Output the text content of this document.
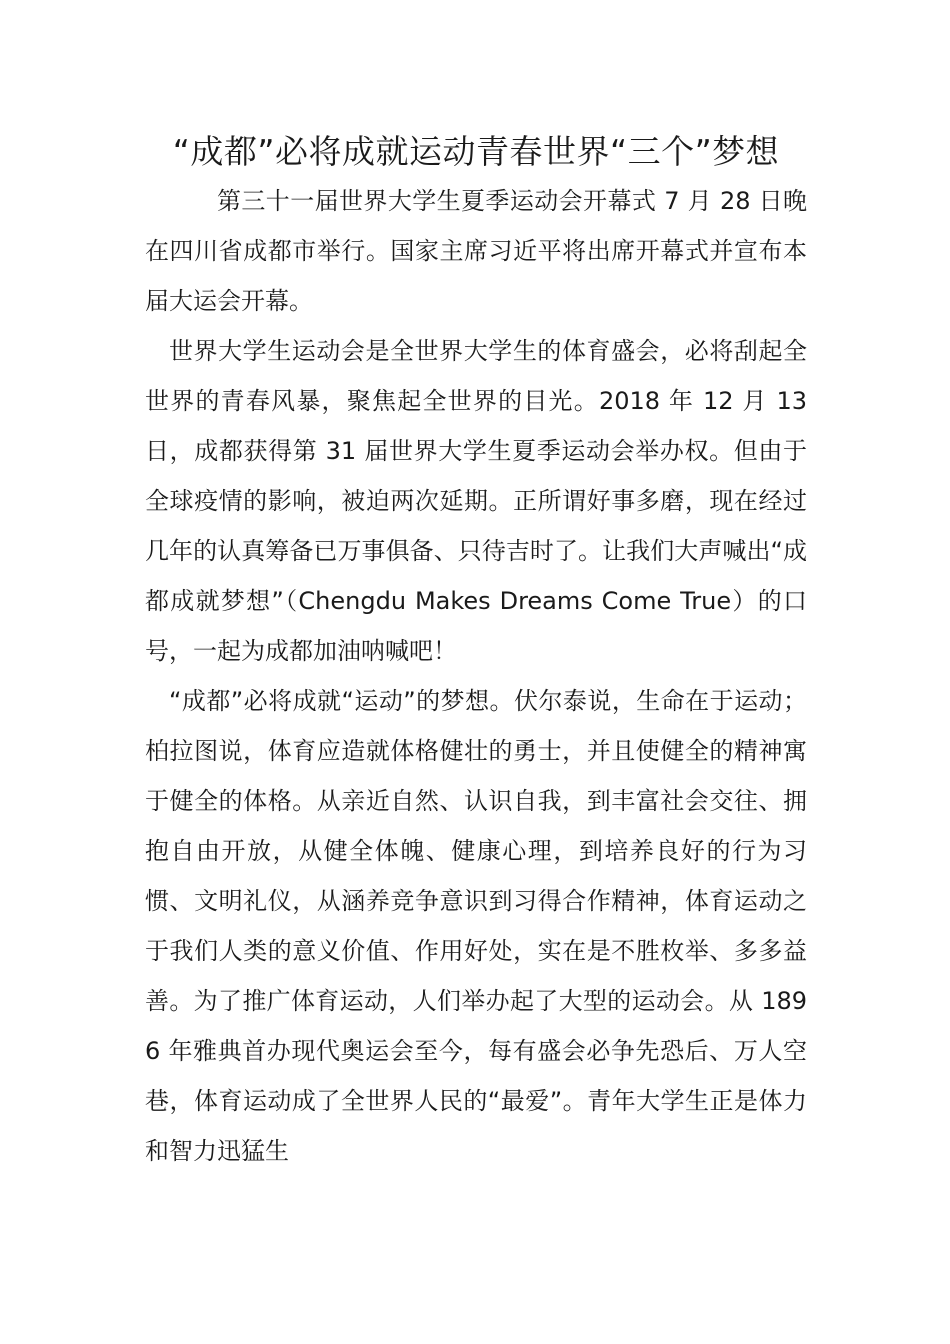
“成都”必将成就运动青春世界“三个”梦想

第三十一届世界大学生夏季运动会开幕式 7 月 28 日晚在四川省成都市举行。国家主席习近平将出席开幕式并宣布本届大运会开幕。

世界大学生运动会是全世界大学生的体育盛会，必将刮起全世界的青春风暴，聚焦起全世界的目光。2018 年 12 月 13 日，成都获得第 31 届世界大学生夏季运动会举办权。但由于全球疫情的影响，被迫两次延期。正所谓好事多磨，现在经过几年的认真筹备已万事俱备、只待吉时了。让我们大声喊出“成都成就梦想”（Chengdu Makes Dreams Come True）的口号，一起为成都加油呐喊吧！

“成都”必将成就“运动”的梦想。伏尔泰说，生命在于运动；柏拉图说，体育应造就体格健壮的勇士，并且使健全的精神寓于健全的体格。从亲近自然、认识自我，到丰富社会交往、拥抱自由开放，从健全体魄、健康心理，到培养良好的行为习惯、文明礼仪，从涵养竞争意识到习得合作精神，体育运动之于我们人类的意义价值、作用好处，实在是不胜枚举、多多益善。为了推广体育运动，人们举办起了大型的运动会。从 1896 年雅典首办现代奥运会至今，每有盛会必争先恐后、万人空巷，体育运动成了全世界人民的“最爱”。青年大学生正是体力和智力迅猛生
